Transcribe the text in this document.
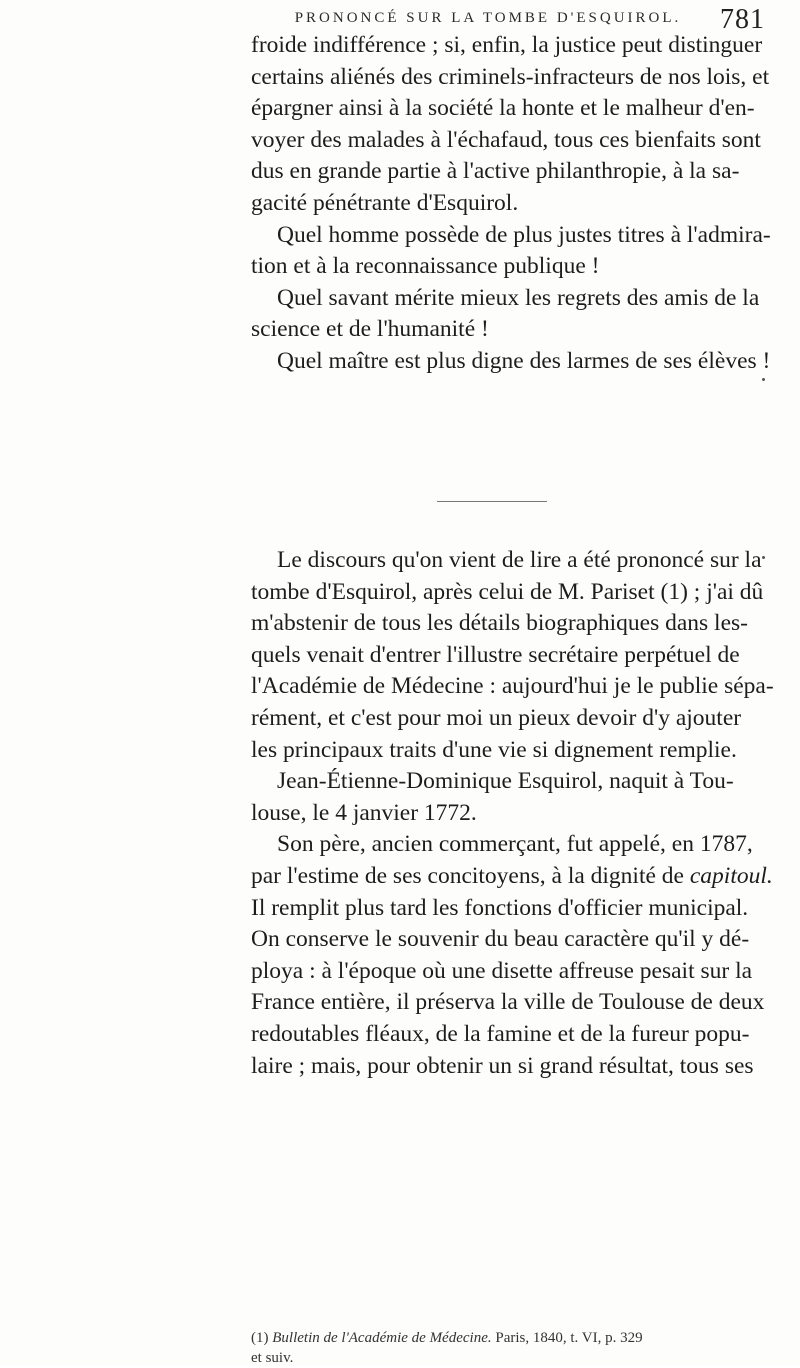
PRONONCÉ SUR LA TOMBE D'ESQUIROL.	781
froide indifférence ; si, enfin, la justice peut distinguer
certains aliénés des criminels-infracteurs de nos lois, et
épargner ainsi à la société la honte et le malheur d'en-
voyer des malades à l'échafaud, tous ces bienfaits sont
dus en grande partie à l'active philanthropie, à la sa-
gacité pénétrante d'Esquirol.
Quel homme possède de plus justes titres à l'admira-
tion et à la reconnaissance publique !
Quel savant mérite mieux les regrets des amis de la
science et de l'humanité !
Quel maître est plus digne des larmes de ses élèves !
Le discours qu'on vient de lire a été prononcé sur la
tombe d'Esquirol, après celui de M. Pariset (1) ; j'ai dû
m'abstenir de tous les détails biographiques dans les-
quels venait d'entrer l'illustre secrétaire perpétuel de
l'Académie de Médecine : aujourd'hui je le publie sépa-
rément, et c'est pour moi un pieux devoir d'y ajouter
les principaux traits d'une vie si dignement remplie.
Jean-Étienne-Dominique Esquirol, naquit à Tou-
louse, le 4 janvier 1772.
Son père, ancien commerçant, fut appelé, en 1787,
par l'estime de ses concitoyens, à la dignité de capitoul.
Il remplit plus tard les fonctions d'officier municipal.
On conserve le souvenir du beau caractère qu'il y dé-
ploya : à l'époque où une disette affreuse pesait sur la
France entière, il préserva la ville de Toulouse de deux
redoutables fléaux, de la famine et de la fureur popu-
laire ; mais, pour obtenir un si grand résultat, tous ses
(1) Bulletin de l'Académie de Médecine. Paris, 1840, t. VI, p. 329
et suiv.
